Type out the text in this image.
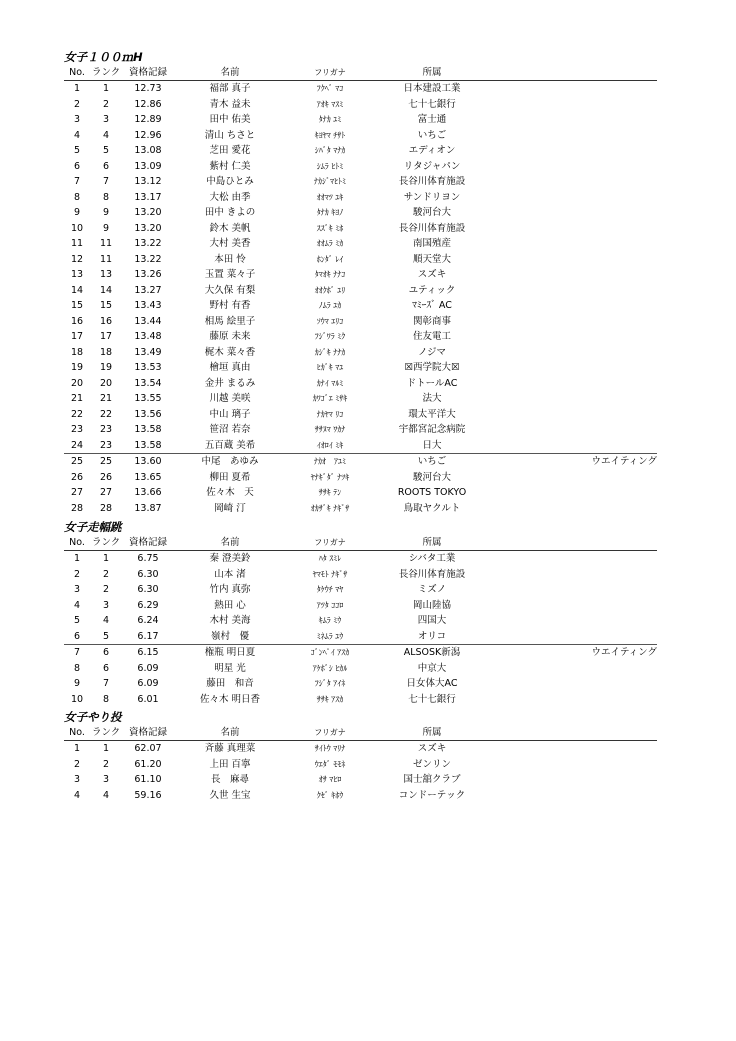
女子１００ｍH
No. ランク 資格記録	名前	フリガナ	所属
1	1	12.73	福部 真子	ﾌｸﾍﾞ ﾏｺ	日本建設工業
2	2	12.86	青木 益未	ｱｵｷ ﾏｽﾐ	七十七銀行
3	3	12.89	田中 佑美	ﾀﾅｶ ﾕﾐ	富士通
4	4	12.96	清山 ちさと	ｷﾖﾔﾏ ﾁｻﾄ	いちご
5	5	13.08	芝田 愛花	ｼﾊﾞﾀ ﾏﾅｶ	エディオン
6	6	13.09	紫村 仁美	ｼﾑﾗ ﾋﾄﾐ	リタジャパン
7	7	13.12	中島ひとみ	ﾅｶｼﾞﾏﾋﾄﾐ	長谷川体育施設
8	8	13.17	大松 由季	ｵｵﾏﾂ ﾕｷ	サンドリヨン
9	9	13.20	田中 きよの	ﾀﾅｶ ｷﾖﾉ	駿河台大
10	9	13.20	鈴木 美帆	ｽｽﾞｷ ﾐﾎ	長谷川体育施設
11	11	13.22	大村 美香	ｵｵﾑﾗ ﾐｶ	南国殖産
12	11	13.22	本田 怜	ﾎﾝﾀﾞ ﾚｲ	順天堂大
13	13	13.26	玉置 菜々子	ﾀﾏｵｷ ﾅﾅｺ	スズキ
14	14	13.27	大久保 有梨	ｵｵｸﾎﾞ ﾕﾘ	ユティック
15	15	13.43	野村 有香	ﾉﾑﾗ ﾕｶ	ﾏﾐｰｽﾞ AC
16	16	13.44	相馬 絵里子	ｿｳﾏ ｴﾘｺ	関彰商事
17	17	13.48	藤原 未来	ﾌｼﾞﾜﾗ ﾐｸ	住友電工
18	18	13.49	梶木 菜々香	ｶｼﾞｷ ﾅﾅｶ	ノジマ
19	19	13.53	檜垣 真由	ﾋｶﾞｷ ﾏﾕ	☒西学院大☒
20	20	13.54	金井 まるみ	ｶﾅｲ ﾏﾙﾐ	ドトールAC
21	21	13.55	川越 美咲	ｶﾜｺﾞｴ ﾐｻｷ	法大
22	22	13.56	中山 璃子	ﾅｶﾔﾏ ﾘｺ	環太平洋大
23	23	13.58	笹沼 若奈	ｻｻﾇﾏ ﾜｶﾅ	宇都宮記念病院
24	23	13.58	五百蔵 美希	ｲｵﾛｲ ﾐｷ	日大
25	25	13.60	中尾　あゆみ	ﾅｶｵ　ｱﾕﾐ	いちご	ウエイティング
26	26	13.65	柳田 夏希	ﾔﾅｷﾞﾀﾞ ﾅﾂｷ	駿河台大
27	27	13.66	佐々木　天	ｻｻｷ ﾃﾝ	ROOTS TOKYO
28	28	13.87	岡崎 汀	ｵｶｻﾞｷ ﾅｷﾞｻ	鳥取ヤクルト
女子走幅跳
No. ランク 資格記録	名前	フリガナ	所属
1	1	6.75	秦 澄美鈴	ﾊﾀ ｽﾐﾚ	シバタ工業
2	2	6.30	山本 渚	ﾔﾏﾓﾄ ﾅｷﾞｻ	長谷川体育施設
3	2	6.30	竹内 真弥	ﾀｹｳﾁ ﾏﾔ	ミズノ
4	3	6.29	熱田 心	ｱﾂﾀ ｺｺﾛ	岡山陸協
5	4	6.24	木村 美海	ｷﾑﾗ ﾐｳ	四国大
6	5	6.17	嶺村　優	ﾐﾈﾑﾗ ﾕｳ	オリコ
7	6	6.15	権瓶 明日夏	ｺﾞﾝﾍﾟｲ ｱｽｶ	ALSOSK新潟	ウエイティング
8	6	6.09	明星 光	ｱｹﾎﾞｼ ﾋｶﾙ	中京大
9	7	6.09	藤田　和音	ﾌｼﾞﾀ ｱｲﾈ	日女体大AC
10	8	6.01	佐々木 明日香	ｻｻｷ ｱｽｶ	七十七銀行
女子やり投
No. ランク 資格記録	名前	フリガナ	所属
1	1	62.07	斉藤 真理菜	ｻｲﾄｳ ﾏﾘﾅ	スズキ
2	2	61.20	上田 百寧	ｳｴﾀﾞ ﾓﾓﾈ	ゼンリン
3	3	61.10	長　麻尋	ｵｻ ﾏﾋﾛ	国士舘クラブ
4	4	59.16	久世 生宝	ｸｾﾞ ｷﾎｳ	コンドーテック
